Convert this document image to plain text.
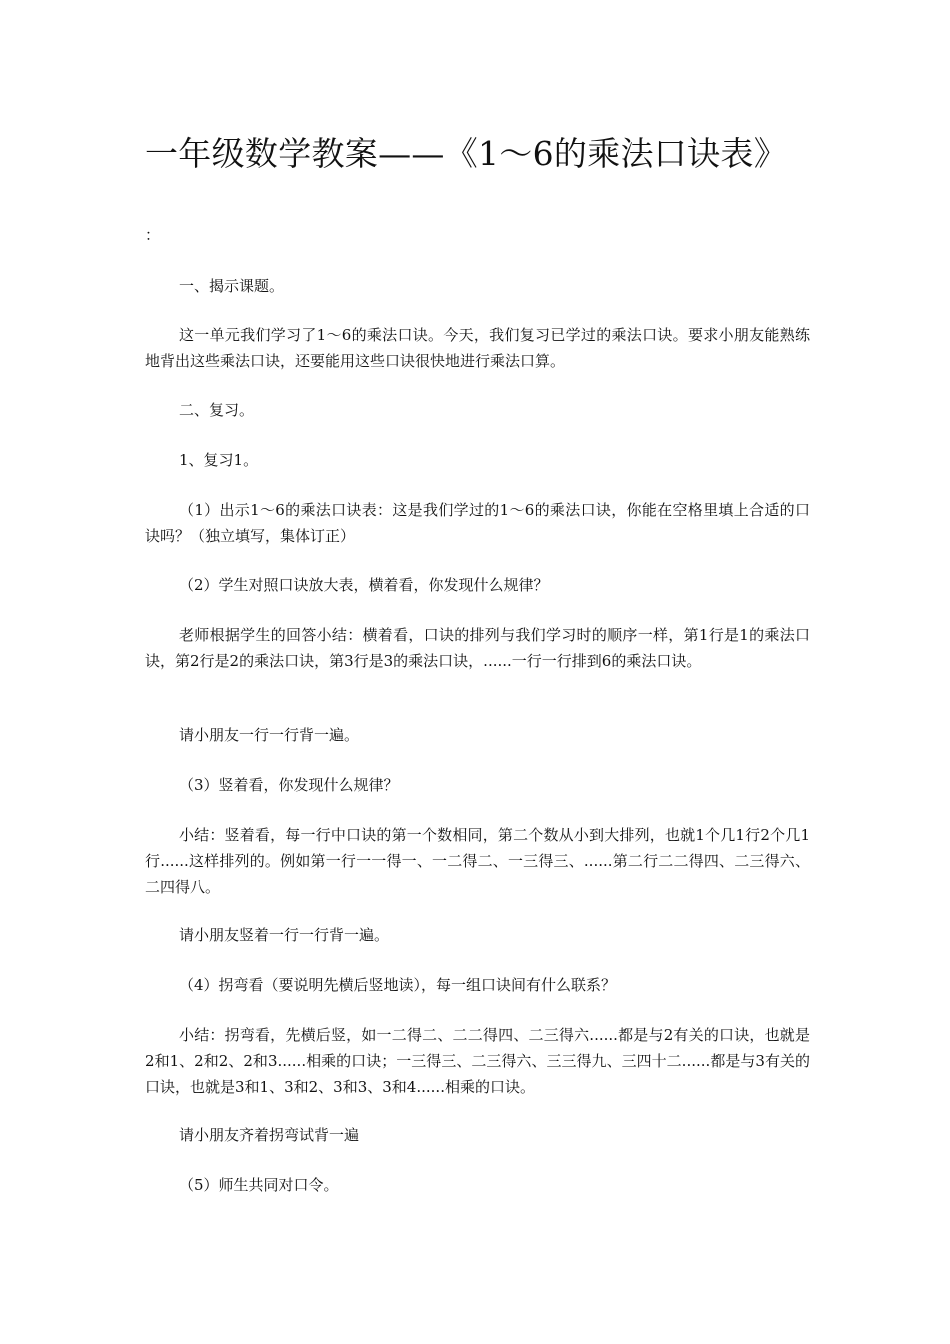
一年级数学教案——《1～6的乘法口诀表》

：

一、揭示课题。

这一单元我们学习了1～6的乘法口诀。今天，我们复习已学过的乘法口诀。要求小朋友能熟练地背出这些乘法口诀，还要能用这些口诀很快地进行乘法口算。

二、复习。

1、复习1。

（1）出示1～6的乘法口诀表：这是我们学过的1～6的乘法口诀，你能在空格里填上合适的口诀吗？（独立填写，集体订正）

（2）学生对照口诀放大表，横着看，你发现什么规律？

老师根据学生的回答小结：横着看，口诀的排列与我们学习时的顺序一样，第1行是1的乘法口诀，第2行是2的乘法口诀，第3行是3的乘法口诀，......一行一行排到6的乘法口诀。

请小朋友一行一行背一遍。

（3）竖着看，你发现什么规律？

小结：竖着看，每一行中口诀的第一个数相同，第二个数从小到大排列，也就1个几1行2个几1行......这样排列的。例如第一行一一得一、一二得二、一三得三、......第二行二二得四、二三得六、二四得八。

请小朋友竖着一行一行背一遍。

（4）拐弯看（要说明先横后竖地读），每一组口诀间有什么联系？

小结：拐弯看，先横后竖，如一二得二、二二得四、二三得六......都是与2有关的口诀，也就是2和1、2和2、2和3......相乘的口诀；一三得三、二三得六、三三得九、三四十二......都是与3有关的口诀，也就是3和1、3和2、3和3、3和4......相乘的口诀。

请小朋友齐着拐弯试背一遍

（5）师生共同对口令。
